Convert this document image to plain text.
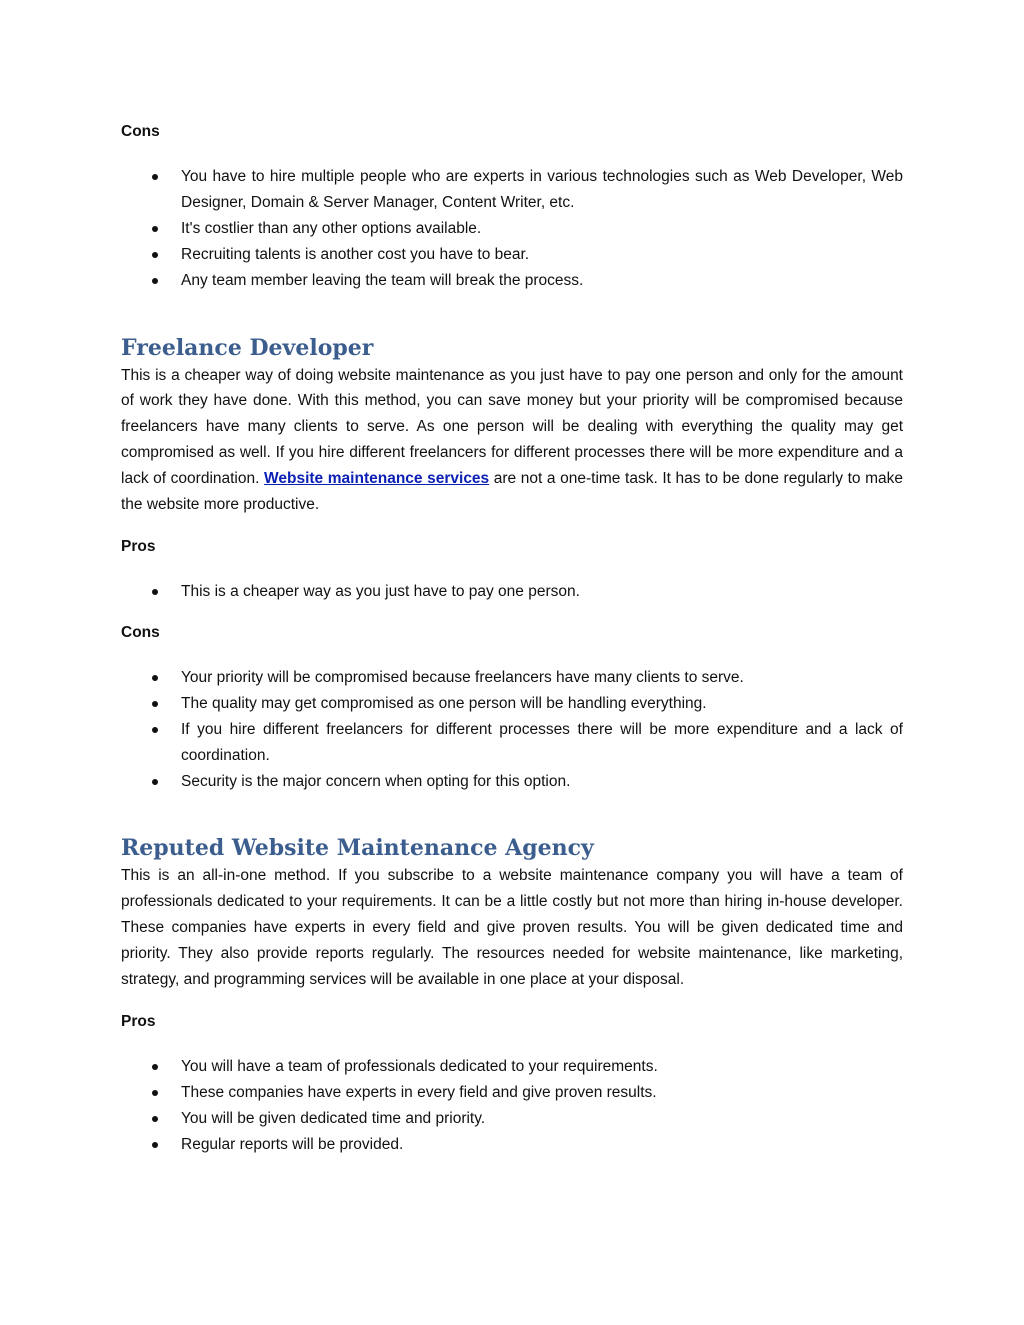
Cons

You have to hire multiple people who are experts in various technologies such as Web Developer, Web Designer, Domain & Server Manager, Content Writer, etc.
It's costlier than any other options available.
Recruiting talents is another cost you have to bear.
Any team member leaving the team will break the process.
Freelance Developer

This is a cheaper way of doing website maintenance as you just have to pay one person and only for the amount of work they have done. With this method, you can save money but your priority will be compromised because freelancers have many clients to serve. As one person will be dealing with everything the quality may get compromised as well. If you hire different freelancers for different processes there will be more expenditure and a lack of coordination. Website maintenance services are not a one-time task. It has to be done regularly to make the website more productive.

Pros

This is a cheaper way as you just have to pay one person.

Cons

Your priority will be compromised because freelancers have many clients to serve.
The quality may get compromised as one person will be handling everything.
If you hire different freelancers for different processes there will be more expenditure and a lack of coordination.
Security is the major concern when opting for this option.
Reputed Website Maintenance Agency

This is an all-in-one method. If you subscribe to a website maintenance company you will have a team of professionals dedicated to your requirements. It can be a little costly but not more than hiring in-house developer. These companies have experts in every field and give proven results. You will be given dedicated time and priority. They also provide reports regularly. The resources needed for website maintenance, like marketing, strategy, and programming services will be available in one place at your disposal.

Pros

You will have a team of professionals dedicated to your requirements.
These companies have experts in every field and give proven results.
You will be given dedicated time and priority.
Regular reports will be provided.
